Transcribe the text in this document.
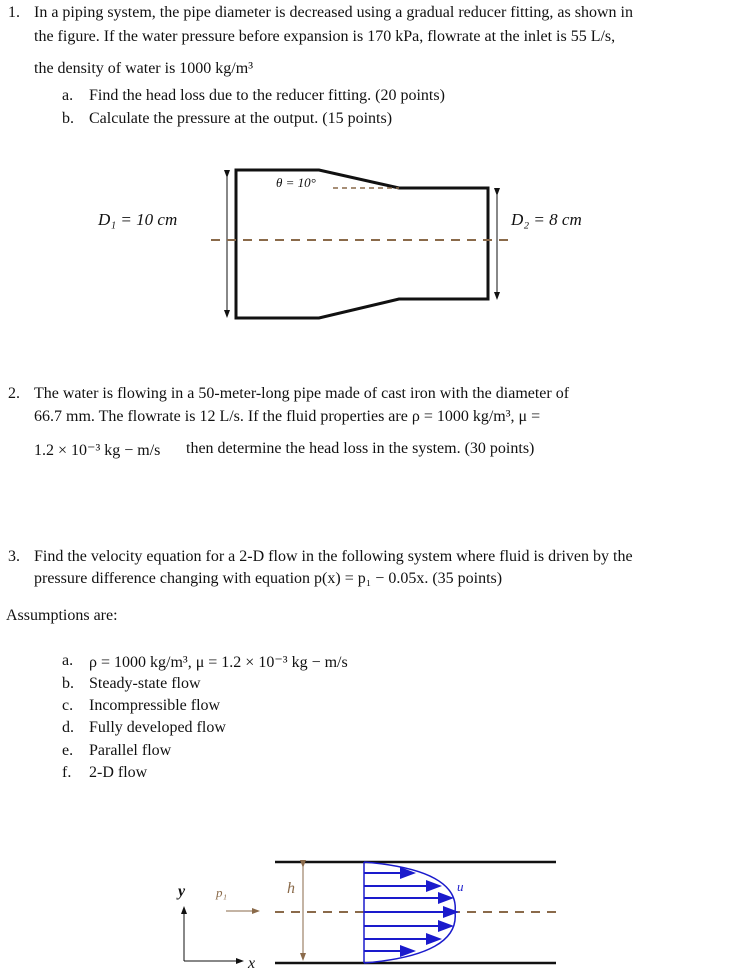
1. In a piping system, the pipe diameter is decreased using a gradual reducer fitting, as shown in
the figure. If the water pressure before expansion is 170 kPa, flowrate at the inlet is 55 L/s,
the density of water is 1000 kg/m³
a. Find the head loss due to the reducer fitting. (20 points)
b. Calculate the pressure at the output. (15 points)
D₁ = 10 cm	D₂ = 8 cm
θ = 10°
2. The water is flowing in a 50-meter-long pipe made of cast iron with the diameter of
66.7 mm. The flowrate is 12 L/s. If the fluid properties are ρ = 1000 kg/m³, μ =
1.2 × 10⁻³ kg − m/s then determine the head loss in the system. (30 points)
3. Find the velocity equation for a 2-D flow in the following system where fluid is driven by the
pressure difference changing with equation p(x) = p₁ − 0.05x. (35 points)
Assumptions are:
a. ρ = 1000 kg/m³, μ = 1.2 × 10⁻³ kg − m/s
b. Steady-state flow
c. Incompressible flow
d. Fully developed flow
e. Parallel flow
f. 2-D flow
y
x
p₁	h	u
